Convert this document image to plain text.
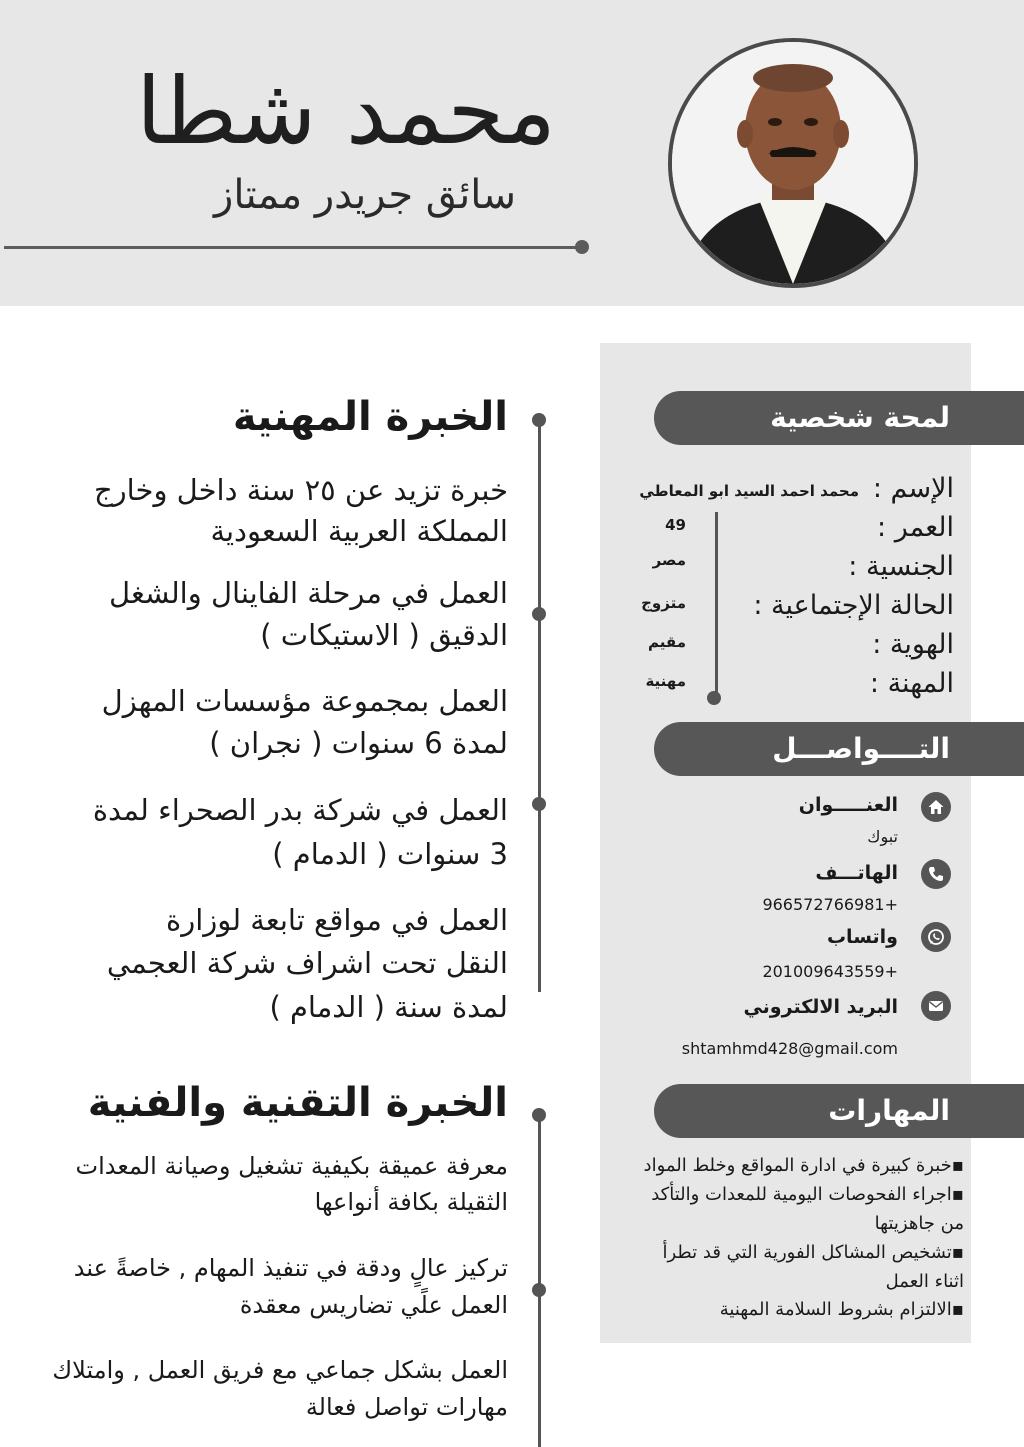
محمد شطا
سائق جريدر ممتاز
لمحة شخصية
الإسم :
العمر :
الجنسية :
الحالة الإجتماعية :
الهوية :
المهنة :
محمد احمد السيد ابو المعاطي
49
مصر
متزوج
مقيم
مهنية
التــــواصـــل
العنـــــوان
تبوك
الهاتـــف
+966572766981
واتساب
+201009643559
البريد الالكتروني
shtamhmd428@gmail.com
المهارات
▪خبرة كبيرة في ادارة المواقع وخلط المواد
▪اجراء الفحوصات اليومية للمعدات والتأكد
من جاهزيتها
▪تشخيص المشاكل الفورية التي قد تطرأ
اثناء العمل
▪الالتزام بشروط السلامة المهنية
الخبرة المهنية
خبرة تزيد عن ٢٥ سنة داخل وخارج
المملكة العربية السعودية
العمل في مرحلة الفاينال والشغل
الدقيق ( الاستيكات )
العمل بمجموعة مؤسسات المهزل
لمدة 6 سنوات ( نجران )
العمل في شركة بدر الصحراء لمدة
3 سنوات ( الدمام )
العمل في مواقع تابعة لوزارة
النقل تحت اشراف شركة العجمي
لمدة سنة ( الدمام )
الخبرة التقنية والفنية
معرفة عميقة بكيفية تشغيل وصيانة المعدات
الثقيلة بكافة أنواعها
تركيز عالٍ ودقة في تنفيذ المهام , خاصةً عند
العمل علًي تضاريس معقدة
العمل بشكل جماعي مع فريق العمل , وامتلاك
مهارات تواصل فعالة
